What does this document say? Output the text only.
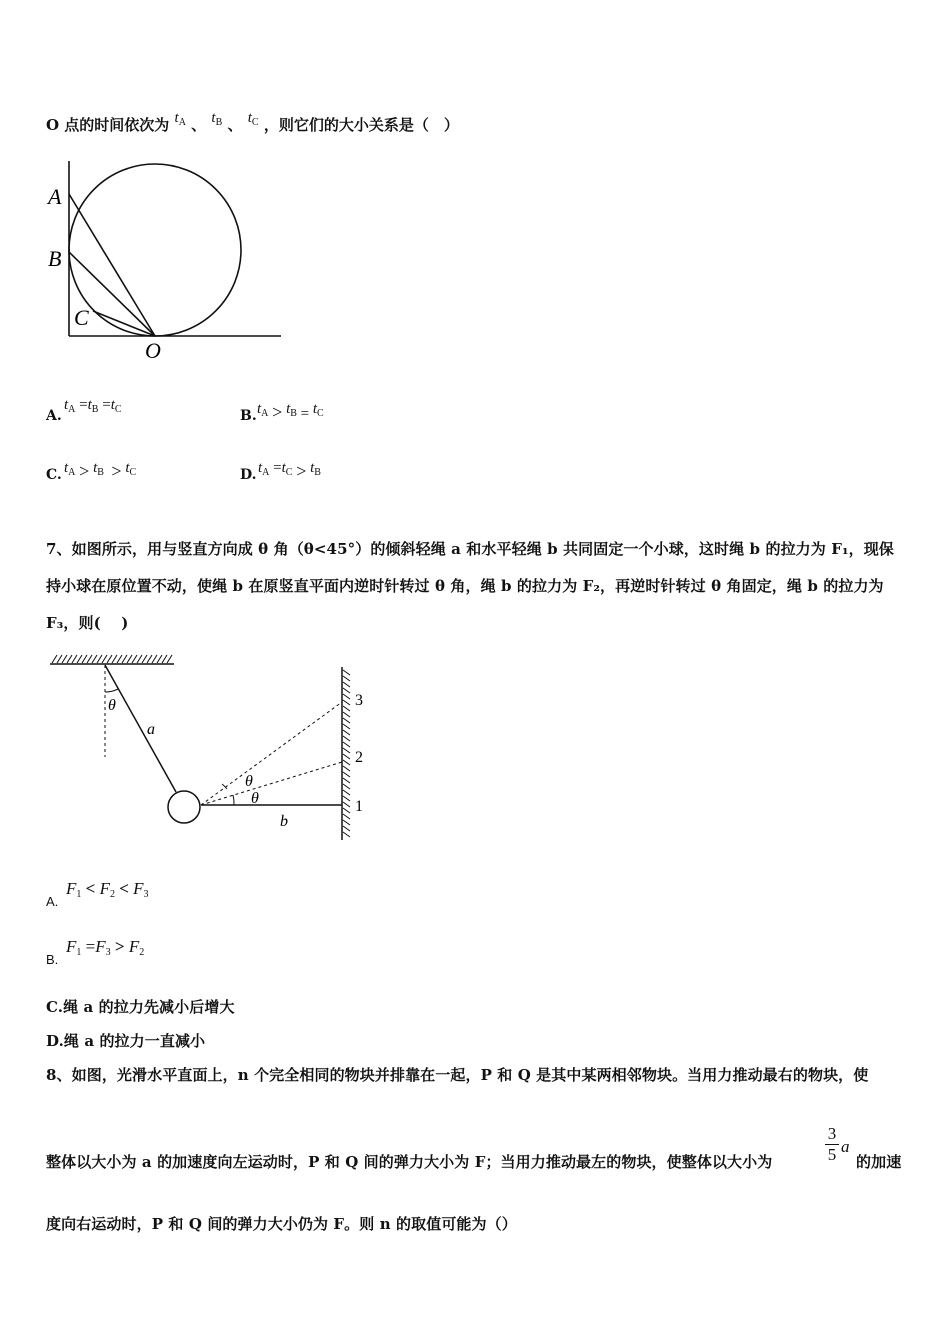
O 点的时间依次为 $t_A$ 、 $t_B$ 、 $t_C$ ，则它们的大小关系是（　）
A
B
C
O
A.
$t_A =t_B =t_C$	B. $t_A > t_B = t_C$
C. $t_A > t_B > t_C$	D. $t_A =t_C > t_B$
7、如图所示，用与竖直方向成 θ 角（θ<45°）的倾斜轻绳 a 和水平轻绳 b 共同固定一个小球，这时绳 b 的拉力为 F₁，现保
持小球在原位置不动，使绳 b 在原竖直平面内逆时针转过 θ 角，绳 b 的拉力为 F₂，再逆时针转过 θ 角固定，绳 b 的拉力为
F₃，则(　 )
θ
a
b
θ
θ
3
2
1
A.
$F_1 < F_2 < F_3$
B.
$F_1 =F_3 > F_2$
C.绳 a 的拉力先减小后增大
D.绳 a 的拉力一直减小
8、如图，光滑水平直面上，n 个完全相同的物块并排靠在一起，P 和 Q 是其中某两相邻物块。当用力推动最右的物块，使
整体以大小为 a 的加速度向左运动时，P 和 Q 间的弹力大小为 F；当用力推动最左的物块，使整体以大小为
3
5 a
的加速
度向右运动时，P 和 Q 间的弹力大小仍为 F。则 n 的取值可能为（）
